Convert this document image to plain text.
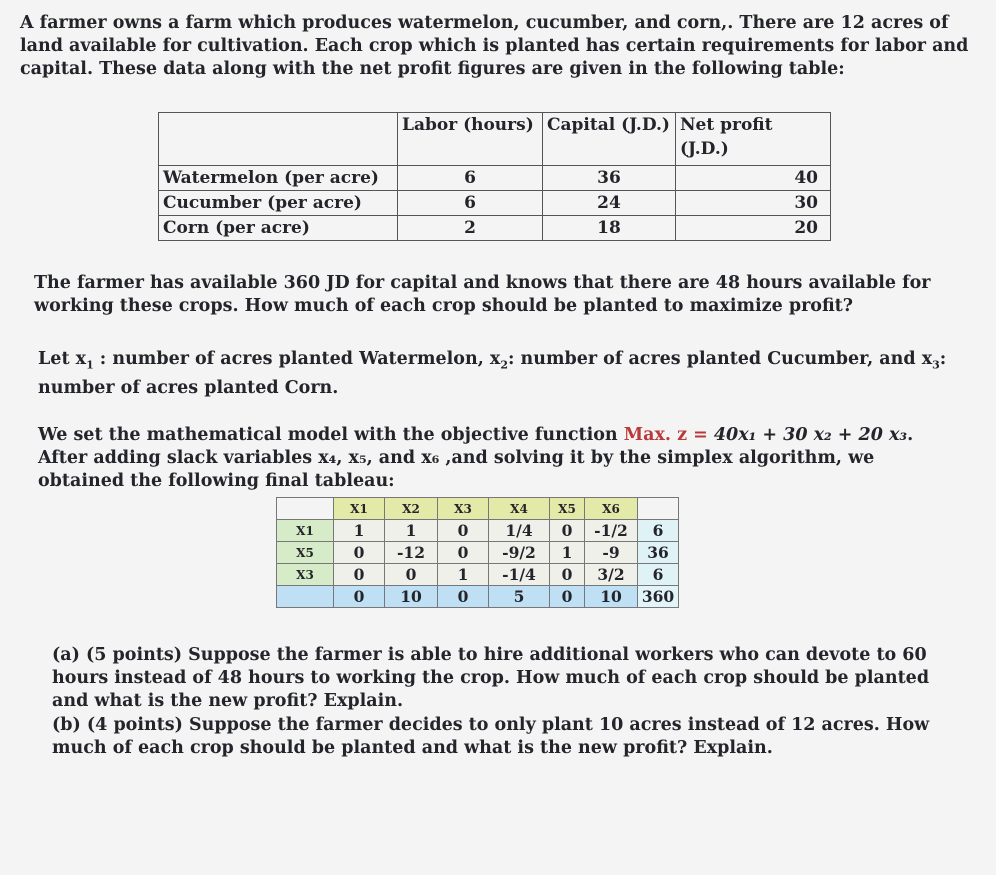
A farmer owns a farm which produces watermelon, cucumber, and corn,. There are 12 acres of land available for cultivation. Each crop which is planted has certain requirements for labor and capital. These data along with the net profit figures are given in the following table:

	Labor (hours)	Capital (J.D.)	Net profit (J.D.)
Watermelon (per acre)	6	36	40
Cucumber (per acre)	6	24	30
Corn (per acre)	2	18	20

The farmer has available 360 JD for capital and knows that there are 48 hours available for working these crops. How much of each crop should be planted to maximize profit?

Let $x_1$ : number of acres planted Watermelon, $x_2$: number of acres planted Cucumber, and $x_3$: number of acres planted Corn.

We set the mathematical model with the objective function Max. z = 40x₁ + 30 x₂ + 20 x₃. After adding slack variables x₄, x₅, and x₆ ,and solving it by the simplex algorithm, we obtained the following final tableau:

	X1	X2	X3	X4	X5	X6	
X1	1	1	0	1/4	0	-1/2	6
X5	0	-12	0	-9/2	1	-9	36
X3	0	0	1	-1/4	0	3/2	6
	0	10	0	5	0	10	360

(a) (5 points) Suppose the farmer is able to hire additional workers who can devote to 60 hours instead of 48 hours to working the crop. How much of each crop should be planted and what is the new profit? Explain.

(b) (4 points) Suppose the farmer decides to only plant 10 acres instead of 12 acres. How much of each crop should be planted and what is the new profit? Explain.
